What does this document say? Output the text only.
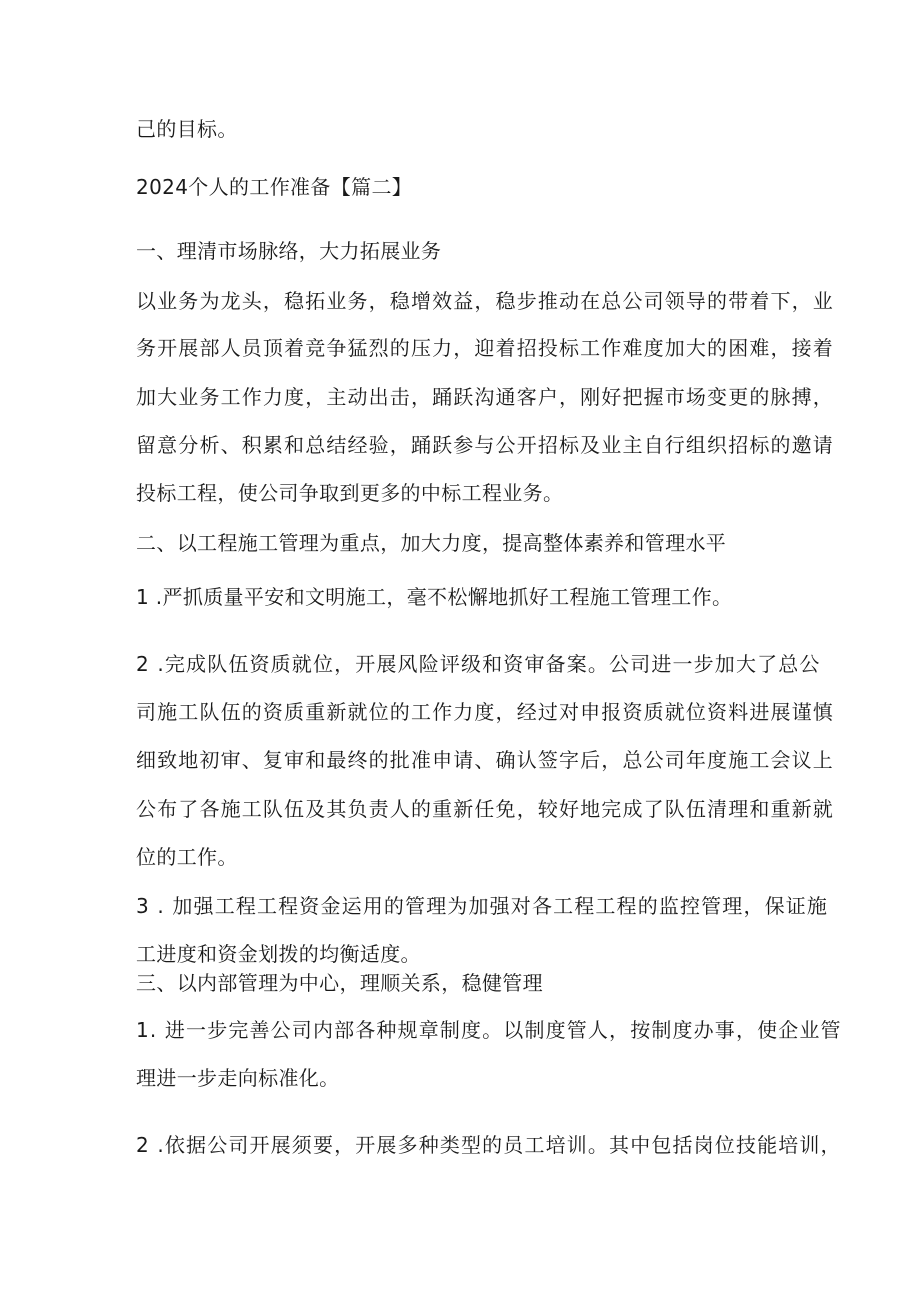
己的目标。
2024个人的工作准备【篇二】
一、理清市场脉络，大力拓展业务
以业务为龙头，稳拓业务，稳增效益，稳步推动在总公司领导的带着下，业
务开展部人员顶着竞争猛烈的压力，迎着招投标工作难度加大的困难，接着
加大业务工作力度，主动出击，踊跃沟通客户，刚好把握市场变更的脉搏，
留意分析、积累和总结经验，踊跃参与公开招标及业主自行组织招标的邀请
投标工程，使公司争取到更多的中标工程业务。
二、以工程施工管理为重点，加大力度，提高整体素养和管理水平
1 .严抓质量平安和文明施工，毫不松懈地抓好工程施工管理工作。
2 .完成队伍资质就位，开展风险评级和资审备案。公司进一步加大了总公
司施工队伍的资质重新就位的工作力度，经过对申报资质就位资料进展谨慎
细致地初审、复审和最终的批准申请、确认签字后，总公司年度施工会议上
公布了各施工队伍及其负责人的重新任免，较好地完成了队伍清理和重新就
位的工作。
3 . 加强工程工程资金运用的管理为加强对各工程工程的监控管理，保证施
工进度和资金划拨的均衡适度。
三、以内部管理为中心，理顺关系，稳健管理
1. 进一步完善公司内部各种规章制度。以制度管人，按制度办事，使企业管
理进一步走向标准化。
2 .依据公司开展须要，开展多种类型的员工培训。其中包括岗位技能培训，
